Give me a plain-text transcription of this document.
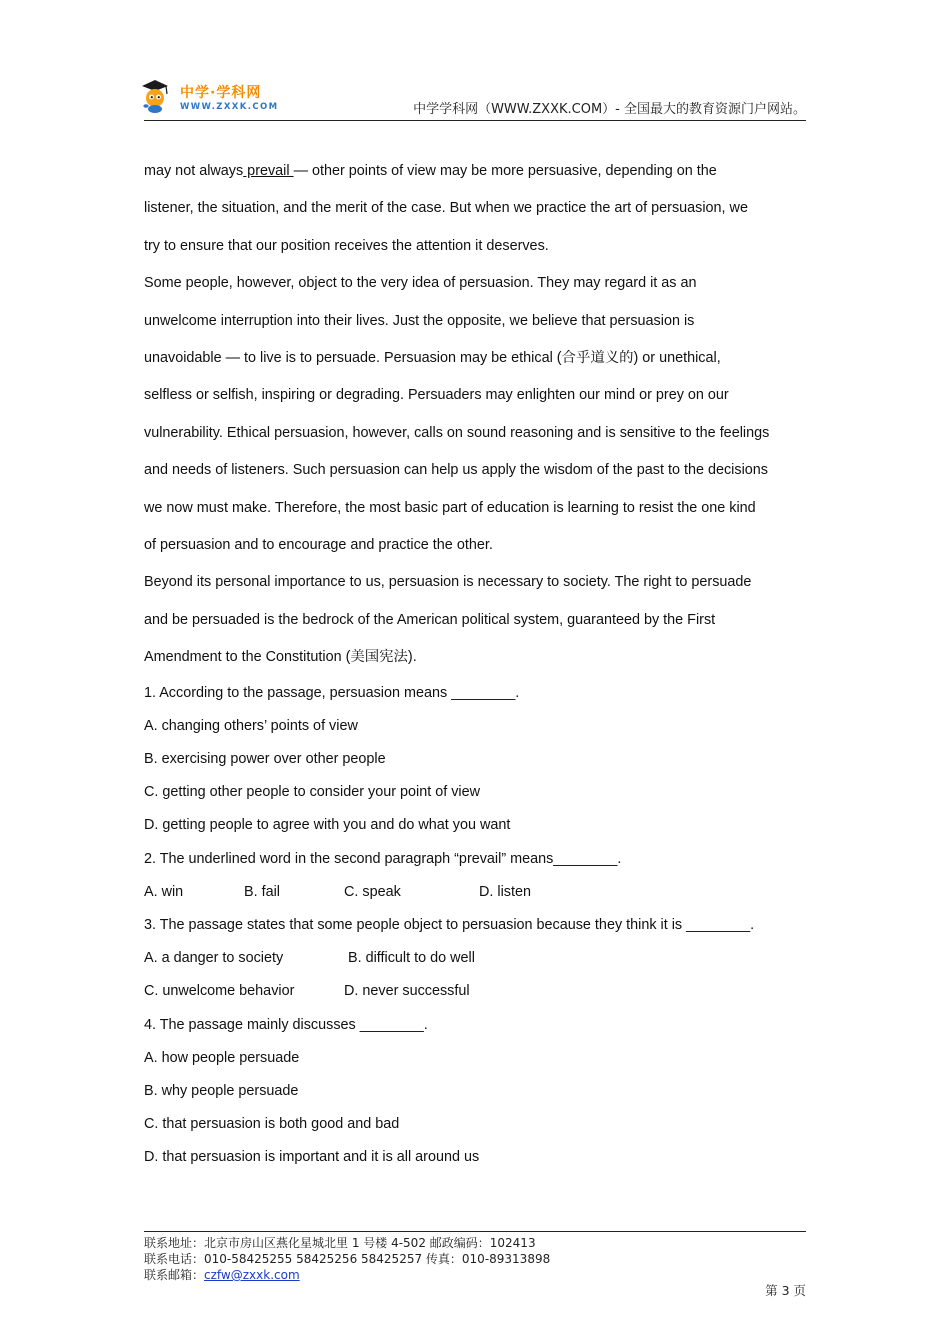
中学·学科网
WWW.ZXXK.COM	中学学科网（WWW.ZXXK.COM）- 全国最大的教育资源门户网站。

may not always prevail — other points of view may be more persuasive, depending on the

listener, the situation, and the merit of the case. But when we practice the art of persuasion, we

try to ensure that our position receives the attention it deserves.

Some people, however, object to the very idea of persuasion. They may regard it as an

unwelcome interruption into their lives. Just the opposite, we believe that persuasion is

unavoidable — to live is to persuade. Persuasion may be ethical (合乎道义的) or unethical,

selfless or selfish, inspiring or degrading. Persuaders may enlighten our mind or prey on our

vulnerability. Ethical persuasion, however, calls on sound reasoning and is sensitive to the feelings

and needs of listeners. Such persuasion can help us apply the wisdom of the past to the decisions

we now must make. Therefore, the most basic part of education is learning to resist the one kind

of persuasion and to encourage and practice the other.

Beyond its personal importance to us, persuasion is necessary to society. The right to persuade

and be persuaded is the bedrock of the American political system, guaranteed by the First

Amendment to the Constitution (美国宪法).

1. According to the passage, persuasion means ________.

A. changing others’ points of view

B. exercising power over other people

C. getting other people to consider your point of view

D. getting people to agree with you and do what you want

2. The underlined word in the second paragraph “prevail” means________.

A. win	B. fail	C. speak	D. listen

3. The passage states that some people object to persuasion because they think it is ________.

A. a danger to society	B. difficult to do well

C. unwelcome behavior	D. never successful

4. The passage mainly discusses ________.

A. how people persuade

B. why people persuade

C. that persuasion is both good and bad

D. that persuasion is important and it is all around us

联系地址：北京市房山区燕化星城北里 1 号楼 4-502 邮政编码：102413
联系电话：010-58425255 58425256 58425257 传真：010-89313898
联系邮箱：czfw@zxxk.com
第 3 页
